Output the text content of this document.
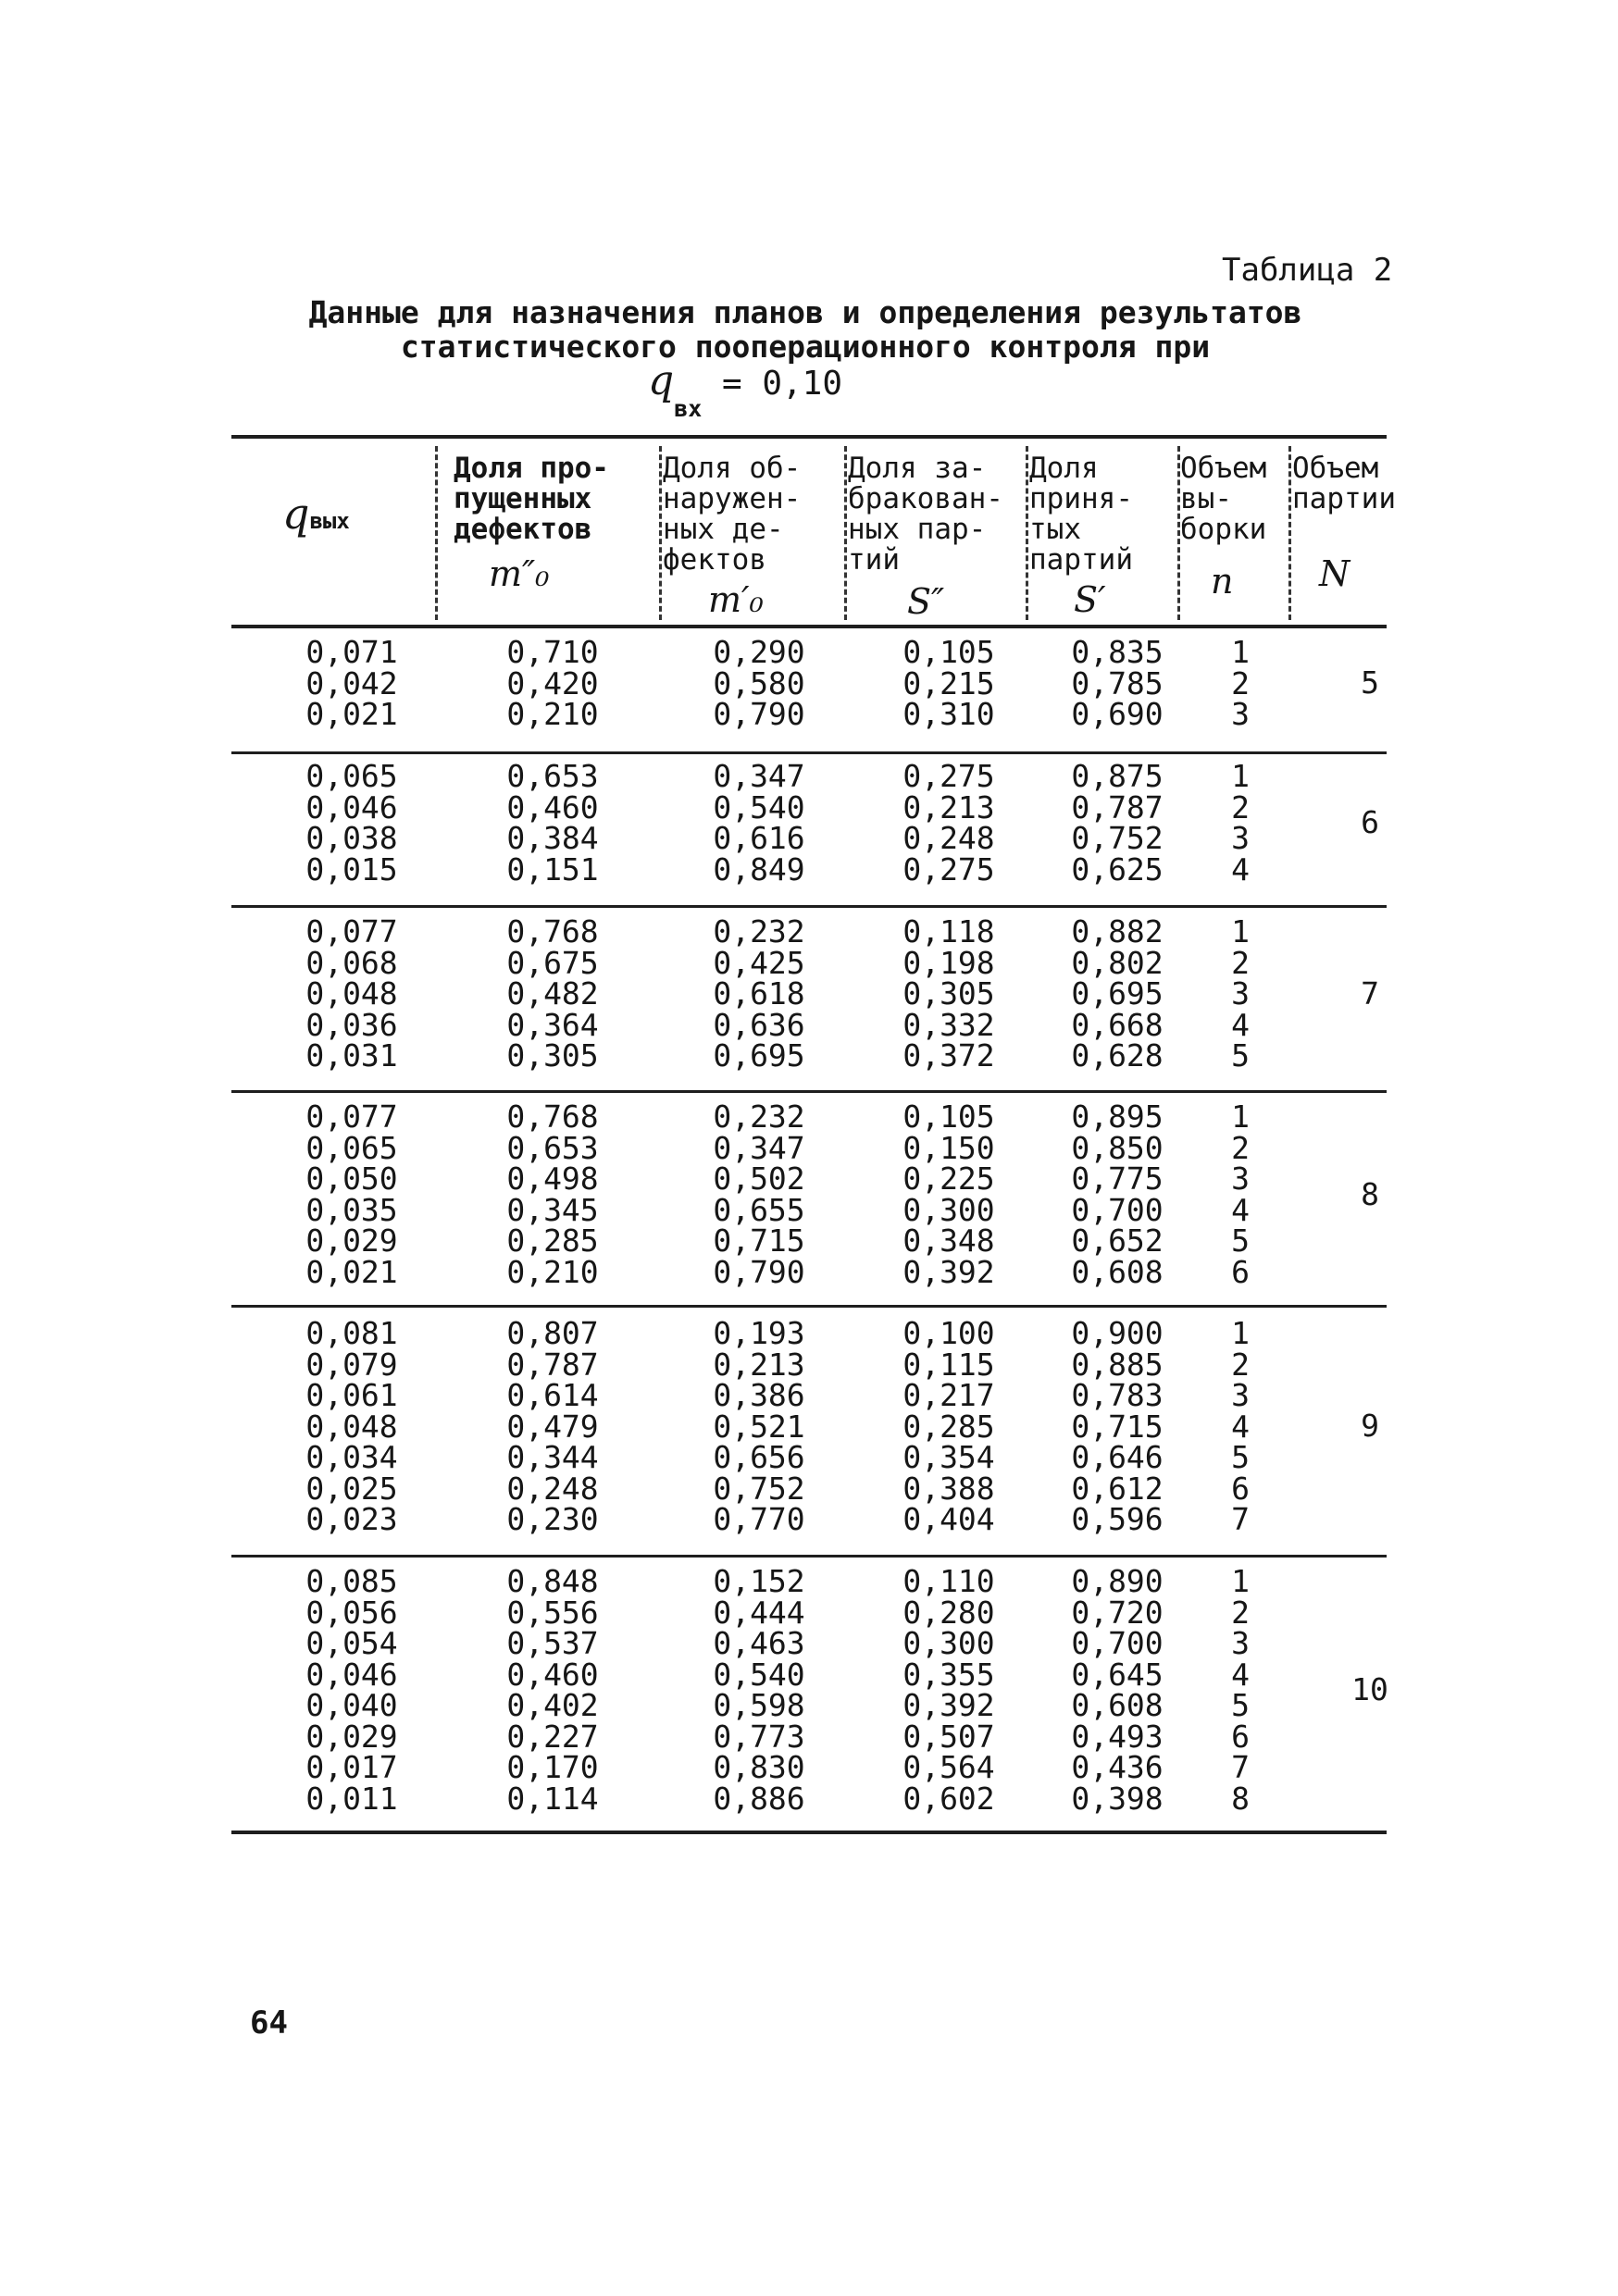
Таблица 2
Данные для назначения планов и определения результатов
статистического пооперационного контроля при
$q_{вх} = 0,10$
qвых
Доля про-
пущенных
дефектов
m″₀
Доля об-
наружен-
ных де-
фектов
m′₀
Доля за-
бракован-
ных пар-
тий
S″
Доля
приня-
тых
партий
S′
Объем
вы-
борки
n
Объем
партии
N
0,071
0,042
0,021
0,710
0,420
0,210
0,290
0,580
0,790
0,105
0,215
0,310
0,835
0,785
0,690
1
2
3
5
0,065
0,046
0,038
0,015
0,653
0,460
0,384
0,151
0,347
0,540
0,616
0,849
0,275
0,213
0,248
0,275
0,875
0,787
0,752
0,625
1
2
3
4
6
0,077
0,068
0,048
0,036
0,031
0,768
0,675
0,482
0,364
0,305
0,232
0,425
0,618
0,636
0,695
0,118
0,198
0,305
0,332
0,372
0,882
0,802
0,695
0,668
0,628
1
2
3
4
5
7
0,077
0,065
0,050
0,035
0,029
0,021
0,768
0,653
0,498
0,345
0,285
0,210
0,232
0,347
0,502
0,655
0,715
0,790
0,105
0,150
0,225
0,300
0,348
0,392
0,895
0,850
0,775
0,700
0,652
0,608
1
2
3
4
5
6
8
0,081
0,079
0,061
0,048
0,034
0,025
0,023
0,807
0,787
0,614
0,479
0,344
0,248
0,230
0,193
0,213
0,386
0,521
0,656
0,752
0,770
0,100
0,115
0,217
0,285
0,354
0,388
0,404
0,900
0,885
0,783
0,715
0,646
0,612
0,596
1
2
3
4
5
6
7
9
0,085
0,056
0,054
0,046
0,040
0,029
0,017
0,011
0,848
0,556
0,537
0,460
0,402
0,227
0,170
0,114
0,152
0,444
0,463
0,540
0,598
0,773
0,830
0,886
0,110
0,280
0,300
0,355
0,392
0,507
0,564
0,602
0,890
0,720
0,700
0,645
0,608
0,493
0,436
0,398
1
2
3
4
5
6
7
8
10
64
